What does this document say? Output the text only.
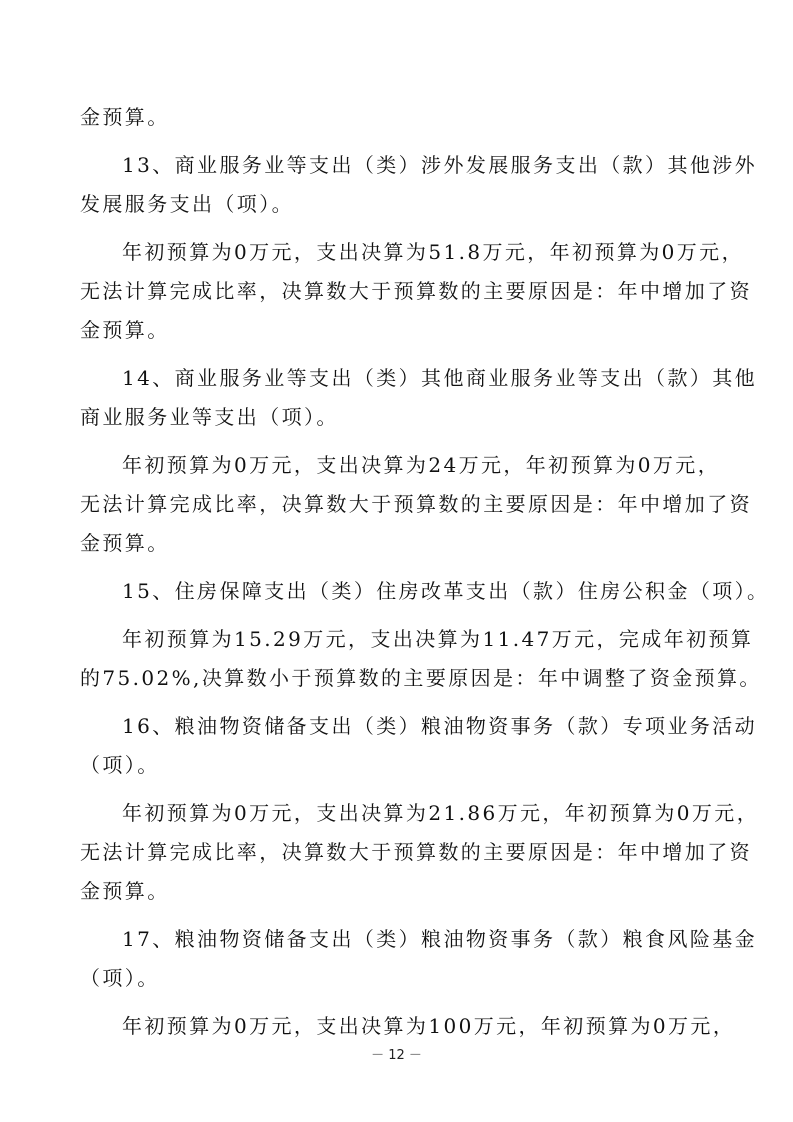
金预算。
13、商业服务业等支出（类）涉外发展服务支出（款）其他涉外
发展服务支出（项）。
年初预算为0万元，支出决算为51.8万元，年初预算为0万元，
无法计算完成比率，决算数大于预算数的主要原因是：年中增加了资
金预算。
14、商业服务业等支出（类）其他商业服务业等支出（款）其他
商业服务业等支出（项）。
年初预算为0万元，支出决算为24万元，年初预算为0万元，
无法计算完成比率，决算数大于预算数的主要原因是：年中增加了资
金预算。
15、住房保障支出（类）住房改革支出（款）住房公积金（项）。
年初预算为15.29万元，支出决算为11.47万元，完成年初预算
的75.02%,决算数小于预算数的主要原因是：年中调整了资金预算。
16、粮油物资储备支出（类）粮油物资事务（款）专项业务活动
（项）。
年初预算为0万元，支出决算为21.86万元，年初预算为0万元，
无法计算完成比率，决算数大于预算数的主要原因是：年中增加了资
金预算。
17、粮油物资储备支出（类）粮油物资事务（款）粮食风险基金
（项）。
年初预算为0万元，支出决算为100万元，年初预算为0万元，
－ 12 －
